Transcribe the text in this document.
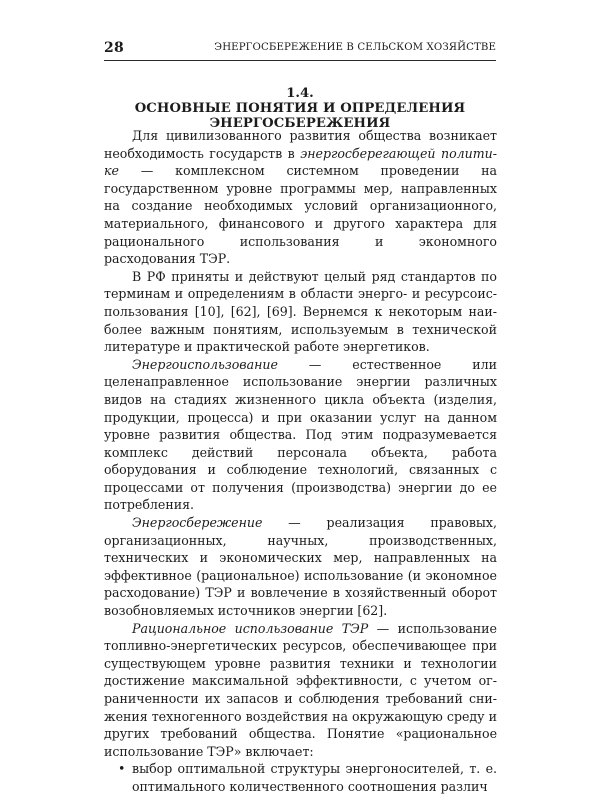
28	ЭНЕРГОСБЕРЕЖЕНИЕ В СЕЛЬСКОМ ХОЗЯЙСТВЕ
1.4.
ОСНОВНЫЕ ПОНЯТИЯ И ОПРЕДЕЛЕНИЯ
ЭНЕРГОСБЕРЕЖЕНИЯ

Для цивилизованного развития общества возникает необходимость государств в энергосберегающей политике — комплексном системном проведении на государственном уровне программы мер, направленных на создание необходимых условий организационного, материального, финансового и другого характера для рационального использования и экономного расходования ТЭР.

В РФ приняты и действуют целый ряд стандартов по терминам и определениям в области энерго- и ресурсоиспользования [10], [62], [69]. Вернемся к некоторым наиболее важным понятиям, используемым в технической литературе и практической работе энергетиков.

Энергоиспользование — естественное или целенаправленное использование энергии различных видов на стадиях жизненного цикла объекта (изделия, продукции, процесса) и при оказании услуг на данном уровне развития общества. Под этим подразумевается комплекс действий персонала объекта, работа оборудования и соблюдение технологий, связанных с процессами от получения (производства) энергии до ее потребления.

Энергосбережение — реализация правовых, организационных, научных, производственных, технических и экономических мер, направленных на эффективное (рациональное) использование (и экономное расходование) ТЭР и вовлечение в хозяйственный оборот возобновляемых источников энергии [62].

Рациональное использование ТЭР — использование топливно-энергетических ресурсов, обеспечивающее при существующем уровне развития техники и технологии достижение максимальной эффективности, с учетом ограниченности их запасов и соблюдения требований снижения техногенного воздействия на окружающую среду и других требований общества. Понятие «рациональное использование ТЭР» включает:

• выбор оптимальной структуры энергоносителей, т. е. оптимального количественного соотношения различ
